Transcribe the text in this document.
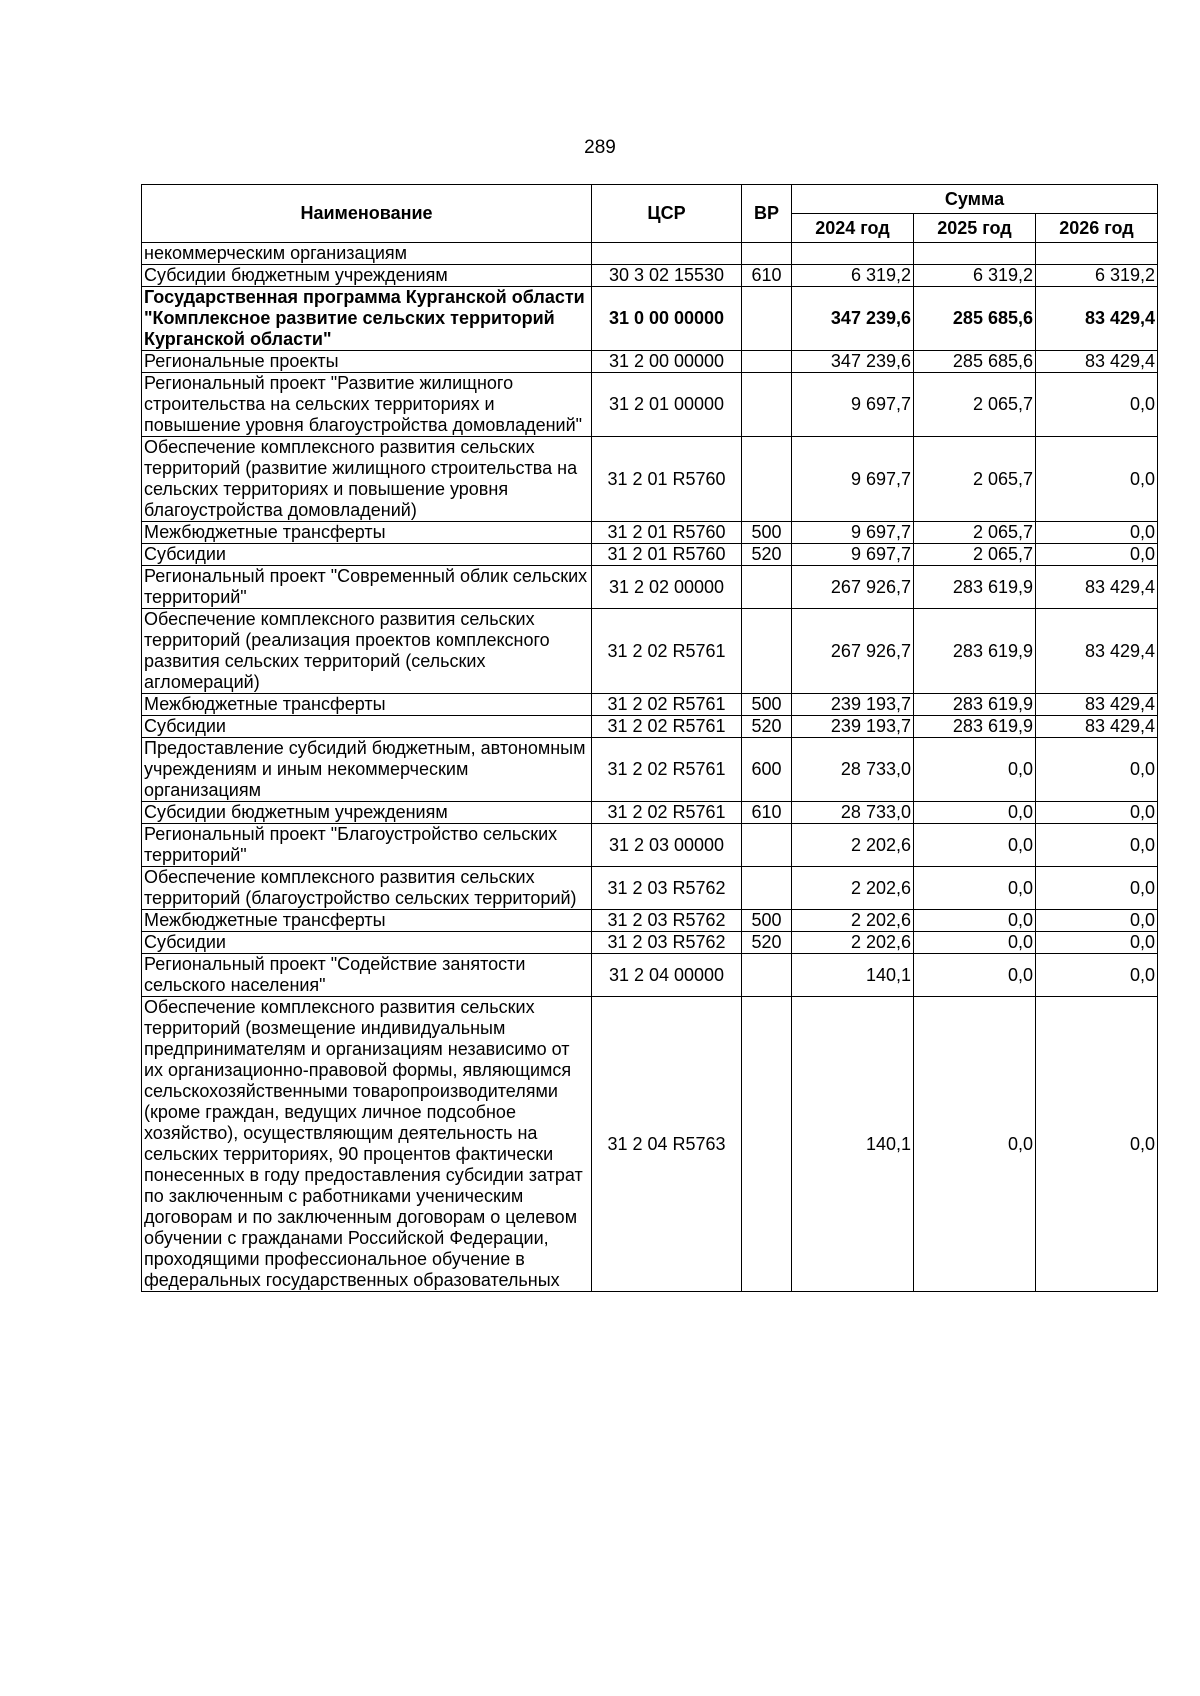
289
Наименование	ЦСР	ВР	Сумма		
			2024 год	2025 год	2026 год
некоммерческим организациям					
Субсидии бюджетным учреждениям	30 3 02 15530	610	6 319,2	6 319,2	6 319,2
Государственная программа Курганской области "Комплексное развитие сельских территорий Курганской области"	31 0 00 00000		347 239,6	285 685,6	83 429,4
Региональные проекты	31 2 00 00000		347 239,6	285 685,6	83 429,4
Региональный проект "Развитие жилищного строительства на сельских территориях и повышение уровня благоустройства домовладений"	31 2 01 00000		9 697,7	2 065,7	0,0
Обеспечение комплексного развития сельских территорий (развитие жилищного строительства на сельских территориях и повышение уровня благоустройства домовладений)	31 2 01 R5760		9 697,7	2 065,7	0,0
Межбюджетные трансферты	31 2 01 R5760	500	9 697,7	2 065,7	0,0
Субсидии	31 2 01 R5760	520	9 697,7	2 065,7	0,0
Региональный проект "Современный облик сельских территорий"	31 2 02 00000		267 926,7	283 619,9	83 429,4
Обеспечение комплексного развития сельских территорий (реализация проектов комплексного развития сельских территорий (сельских агломераций)	31 2 02 R5761		267 926,7	283 619,9	83 429,4
Межбюджетные трансферты	31 2 02 R5761	500	239 193,7	283 619,9	83 429,4
Субсидии	31 2 02 R5761	520	239 193,7	283 619,9	83 429,4
Предоставление субсидий бюджетным, автономным учреждениям и иным некоммерческим организациям	31 2 02 R5761	600	28 733,0	0,0	0,0
Субсидии бюджетным учреждениям	31 2 02 R5761	610	28 733,0	0,0	0,0
Региональный проект "Благоустройство сельских территорий"	31 2 03 00000		2 202,6	0,0	0,0
Обеспечение комплексного развития сельских территорий (благоустройство сельских территорий)	31 2 03 R5762		2 202,6	0,0	0,0
Межбюджетные трансферты	31 2 03 R5762	500	2 202,6	0,0	0,0
Субсидии	31 2 03 R5762	520	2 202,6	0,0	0,0
Региональный проект "Содействие занятости сельского населения"	31 2 04 00000		140,1	0,0	0,0
Обеспечение комплексного развития сельских территорий (возмещение индивидуальным предпринимателям и организациям независимо от их организационно-правовой формы, являющимся сельскохозяйственными товаропроизводителями (кроме граждан, ведущих личное подсобное хозяйство), осуществляющим деятельность на сельских территориях, 90 процентов фактически понесенных в году предоставления субсидии затрат по заключенным с работниками ученическим договорам и по заключенным договорам о целевом обучении с гражданами Российской Федерации, проходящими профессиональное обучение в федеральных государственных образовательных	31 2 04 R5763		140,1	0,0	0,0
